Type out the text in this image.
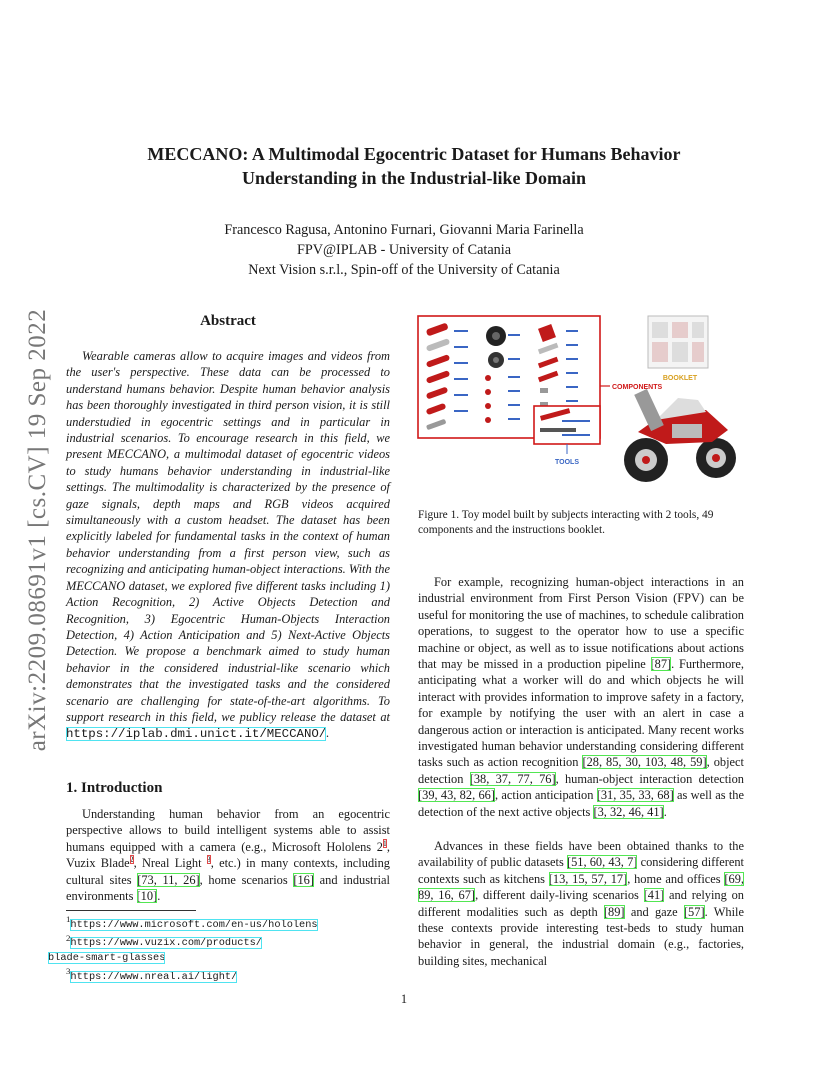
arXiv:2209.08691v1 [cs.CV] 19 Sep 2022
MECCANO: A Multimodal Egocentric Dataset for Humans Behavior
Understanding in the Industrial-like Domain
Francesco Ragusa, Antonino Furnari, Giovanni Maria Farinella
FPV@IPLAB - University of Catania
Next Vision s.r.l., Spin-off of the University of Catania
Abstract
Wearable cameras allow to acquire images and videos from the user's perspective. These data can be processed to understand humans behavior. Despite human behavior analysis has been thoroughly investigated in third person vision, it is still understudied in egocentric settings and in particular in industrial scenarios. To encourage research in this field, we present MECCANO, a multimodal dataset of egocentric videos to study humans behavior understanding in industrial-like settings. The multimodality is characterized by the presence of gaze signals, depth maps and RGB videos acquired simultaneously with a custom headset. The dataset has been explicitly labeled for fundamental tasks in the context of human behavior understanding from a first person view, such as recognizing and anticipating human-object interactions. With the MECCANO dataset, we explored five different tasks including 1) Action Recognition, 2) Active Objects Detection and Recognition, 3) Egocentric Human-Objects Interaction Detection, 4) Action Anticipation and 5) Next-Active Objects Detection. We propose a benchmark aimed to study human behavior in the considered industrial-like scenario which demonstrates that the investigated tasks and the considered scenario are challenging for state-of-the-art algorithms. To support research in this field, we publicy release the dataset at https://iplab.dmi.unict.it/MECCANO/.
1. Introduction
Understanding human behavior from an egocentric perspective allows to build intelligent systems able to assist humans equipped with a camera (e.g., Microsoft Hololens 2$^1$, Vuzix Blade$^2$, Nreal Light $^3$, etc.) in many contexts, including cultural sites [73, 11, 26], home scenarios [16] and industrial environments [10].
$^1$https://www.microsoft.com/en-us/hololens
$^2$https://www.vuzix.com/products/
blade-smart-glasses
$^3$https://www.nreal.ai/light/
TOOLS
COMPONENTS
BOOKLET
Figure 1. Toy model built by subjects interacting with 2 tools, 49 components and the instructions booklet.
For example, recognizing human-object interactions in an industrial environment from First Person Vision (FPV) can be useful for monitoring the use of machines, to schedule calibration operations, to suggest to the operator how to use a specific machine or object, as well as to issue notifications about actions that may be missed in a production pipeline [87]. Furthermore, anticipating what a worker will do and which objects he will interact with provides information to improve safety in a factory, for example by notifying the user with an alert in case a dangerous action or interaction is anticipated. Many recent works investigated human behavior understanding considering different tasks such as action recognition [28, 85, 30, 103, 48, 59], object detection [38, 37, 77, 76], human-object interaction detection [39, 43, 82, 66], action anticipation [31, 35, 33, 68] as well as the detection of the next active objects [3, 32, 46, 41].
Advances in these fields have been obtained thanks to the availability of public datasets [51, 60, 43, 7] considering different contexts such as kitchens [13, 15, 57, 17], home and offices [69, 89, 16, 67], different daily-living scenarios [41] and relying on different modalities such as depth [89] and gaze [57]. While these contexts provide interesting test-beds to study human behavior in general, the industrial domain (e.g., factories, building sites, mechanical
1
